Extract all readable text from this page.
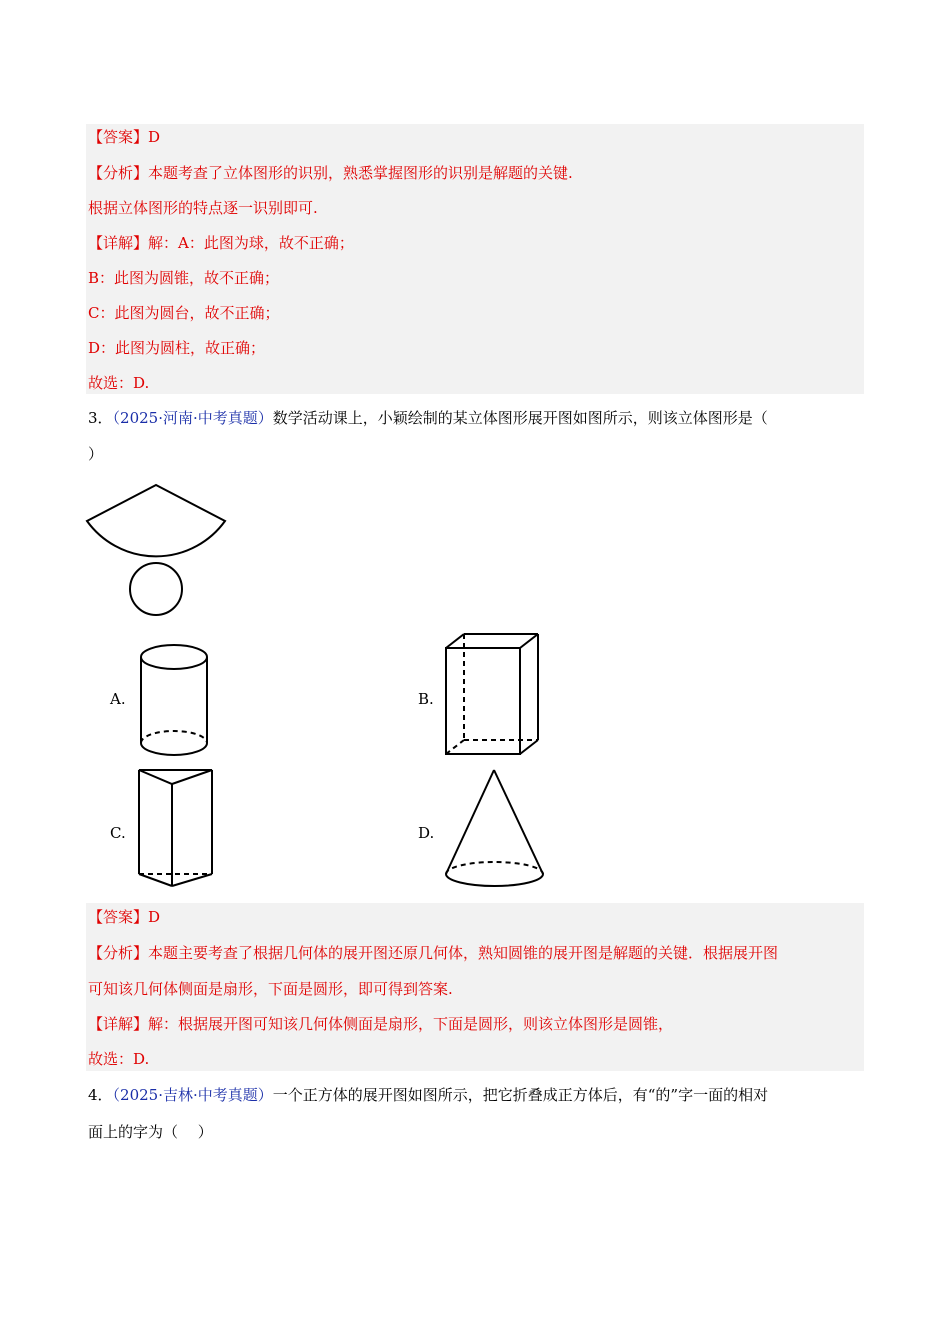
【答案】D
【分析】本题考查了立体图形的识别，熟悉掌握图形的识别是解题的关键.
根据立体图形的特点逐一识别即可.
【详解】解：A：此图为球，故不正确；
B：此图为圆锥，故不正确；
C：此图为圆台，故不正确；
D：此图为圆柱，故正确；
故选：D.
3．（2025·河南·中考真题）数学活动课上，小颖绘制的某立体图形展开图如图所示，则该立体图形是（
）
A.	B.
C.	D.
【答案】D
【分析】本题主要考查了根据几何体的展开图还原几何体，熟知圆锥的展开图是解题的关键．根据展开图
可知该几何体侧面是扇形，下面是圆形，即可得到答案.
【详解】解：根据展开图可知该几何体侧面是扇形，下面是圆形，则该立体图形是圆锥，
故选：D.
4．（2025·吉林·中考真题）一个正方体的展开图如图所示，把它折叠成正方体后，有“的”字一面的相对
面上的字为（　 ）
